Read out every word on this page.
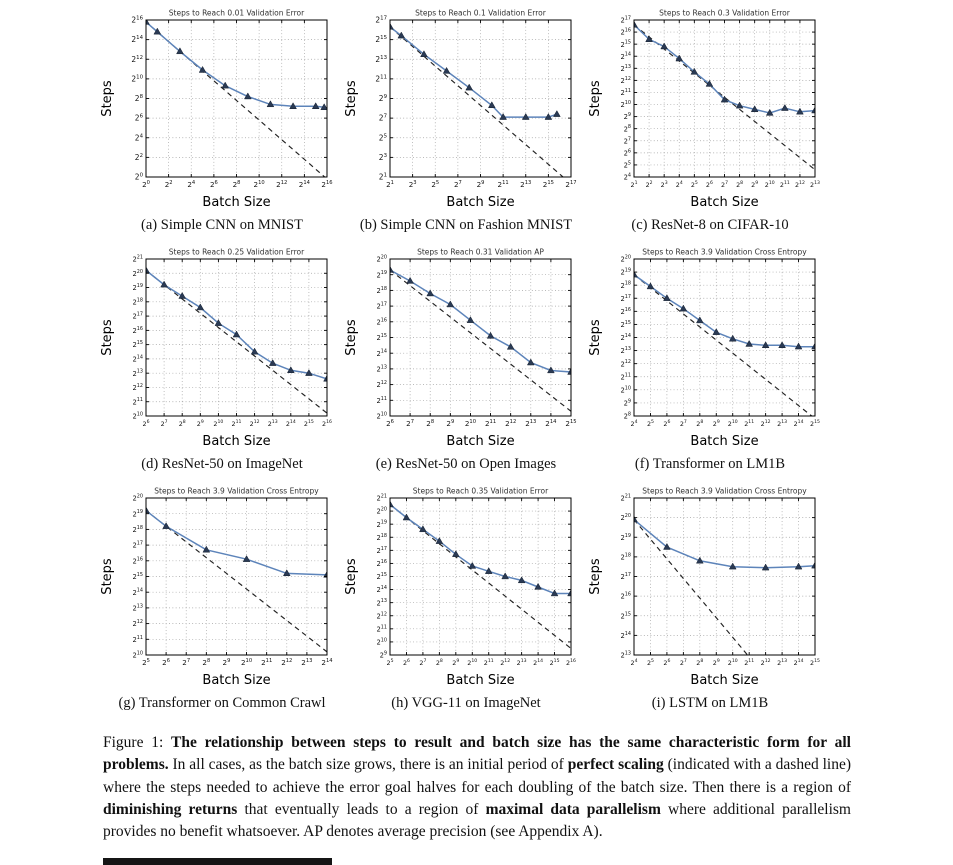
$2^0$ $2^2$ $2^4$ $2^6$ $2^8$ $2^{10}$ $2^{12}$ $2^{14}$ $2^{16}$
$2^0$
$2^2$
$2^4$
$2^6$
$2^8$
$2^{10}$
$2^{12}$
$2^{14}$
$2^{16}$
Steps to Reach 0.01 Validation Error
Steps
Batch Size
(a) Simple CNN on MNIST
$2^1$ $2^3$ $2^5$ $2^7$ $2^9$ $2^{11}$ $2^{13}$ $2^{15}$ $2^{17}$
$2^1$
$2^3$
$2^5$
$2^7$
$2^9$
$2^{11}$
$2^{13}$
$2^{15}$
$2^{17}$
Steps to Reach 0.1 Validation Error
Steps
Batch Size
(b) Simple CNN on Fashion MNIST
$2^1$ $2^2$ $2^3$ $2^4$ $2^5$ $2^6$ $2^7$ $2^8$ $2^9$ $2^{10}$ $2^{11}$ $2^{12}$ $2^{13}$
$2^4$
$2^5$
$2^6$
$2^7$
$2^8$
$2^9$
$2^{10}$
$2^{11}$
$2^{12}$
$2^{13}$
$2^{14}$
$2^{15}$
$2^{16}$
$2^{17}$
Steps to Reach 0.3 Validation Error
Steps
Batch Size
(c) ResNet-8 on CIFAR-10
$2^6$ $2^7$ $2^8$ $2^9$ $2^{10}$ $2^{11}$ $2^{12}$ $2^{13}$ $2^{14}$ $2^{15}$ $2^{16}$
$2^{10}$
$2^{11}$
$2^{12}$
$2^{13}$
$2^{14}$
$2^{15}$
$2^{16}$
$2^{17}$
$2^{18}$
$2^{19}$
$2^{20}$
$2^{21}$
Steps to Reach 0.25 Validation Error
Steps
Batch Size
(d) ResNet-50 on ImageNet
$2^6$ $2^7$ $2^8$ $2^9$ $2^{10}$ $2^{11}$ $2^{12}$ $2^{13}$ $2^{14}$ $2^{15}$
$2^{10}$
$2^{11}$
$2^{12}$
$2^{13}$
$2^{14}$
$2^{15}$
$2^{16}$
$2^{17}$
$2^{18}$
$2^{19}$
$2^{20}$
Steps to Reach 0.31 Validation AP
Steps
Batch Size
(e) ResNet-50 on Open Images
$2^4$ $2^5$ $2^6$ $2^7$ $2^8$ $2^9$ $2^{10}$ $2^{11}$ $2^{12}$ $2^{13}$ $2^{14}$ $2^{15}$
$2^8$
$2^9$
$2^{10}$
$2^{11}$
$2^{12}$
$2^{13}$
$2^{14}$
$2^{15}$
$2^{16}$
$2^{17}$
$2^{18}$
$2^{19}$
$2^{20}$
Steps to Reach 3.9 Validation Cross Entropy
Steps
Batch Size
(f) Transformer on LM1B
$2^5$ $2^6$ $2^7$ $2^8$ $2^9$ $2^{10}$ $2^{11}$ $2^{12}$ $2^{13}$ $2^{14}$
$2^{10}$
$2^{11}$
$2^{12}$
$2^{13}$
$2^{14}$
$2^{15}$
$2^{16}$
$2^{17}$
$2^{18}$
$2^{19}$
$2^{20}$
Steps to Reach 3.9 Validation Cross Entropy
Steps
Batch Size
(g) Transformer on Common Crawl
$2^5$ $2^6$ $2^7$ $2^8$ $2^9$ $2^{10}$ $2^{11}$ $2^{12}$ $2^{13}$ $2^{14}$ $2^{15}$ $2^{16}$
$2^9$
$2^{10}$
$2^{11}$
$2^{12}$
$2^{13}$
$2^{14}$
$2^{15}$
$2^{16}$
$2^{17}$
$2^{18}$
$2^{19}$
$2^{20}$
$2^{21}$
Steps to Reach 0.35 Validation Error
Steps
Batch Size
(h) VGG-11 on ImageNet
$2^4$ $2^5$ $2^6$ $2^7$ $2^8$ $2^9$ $2^{10}$ $2^{11}$ $2^{12}$ $2^{13}$ $2^{14}$ $2^{15}$
$2^{13}$
$2^{14}$
$2^{15}$
$2^{16}$
$2^{17}$
$2^{18}$
$2^{19}$
$2^{20}$
$2^{21}$
Steps to Reach 3.9 Validation Cross Entropy
Steps
Batch Size
(i) LSTM on LM1B
Figure 1: The relationship between steps to result and batch size has the same characteristic form for all problems. In all cases, as the batch size grows, there is an initial period of perfect scaling (indicated with a dashed line) where the steps needed to achieve the error goal halves for each doubling of the batch size. Then there is a region of diminishing returns that eventually leads to a region of maximal data parallelism where additional parallelism provides no benefit whatsoever. AP denotes average precision (see Appendix A).
